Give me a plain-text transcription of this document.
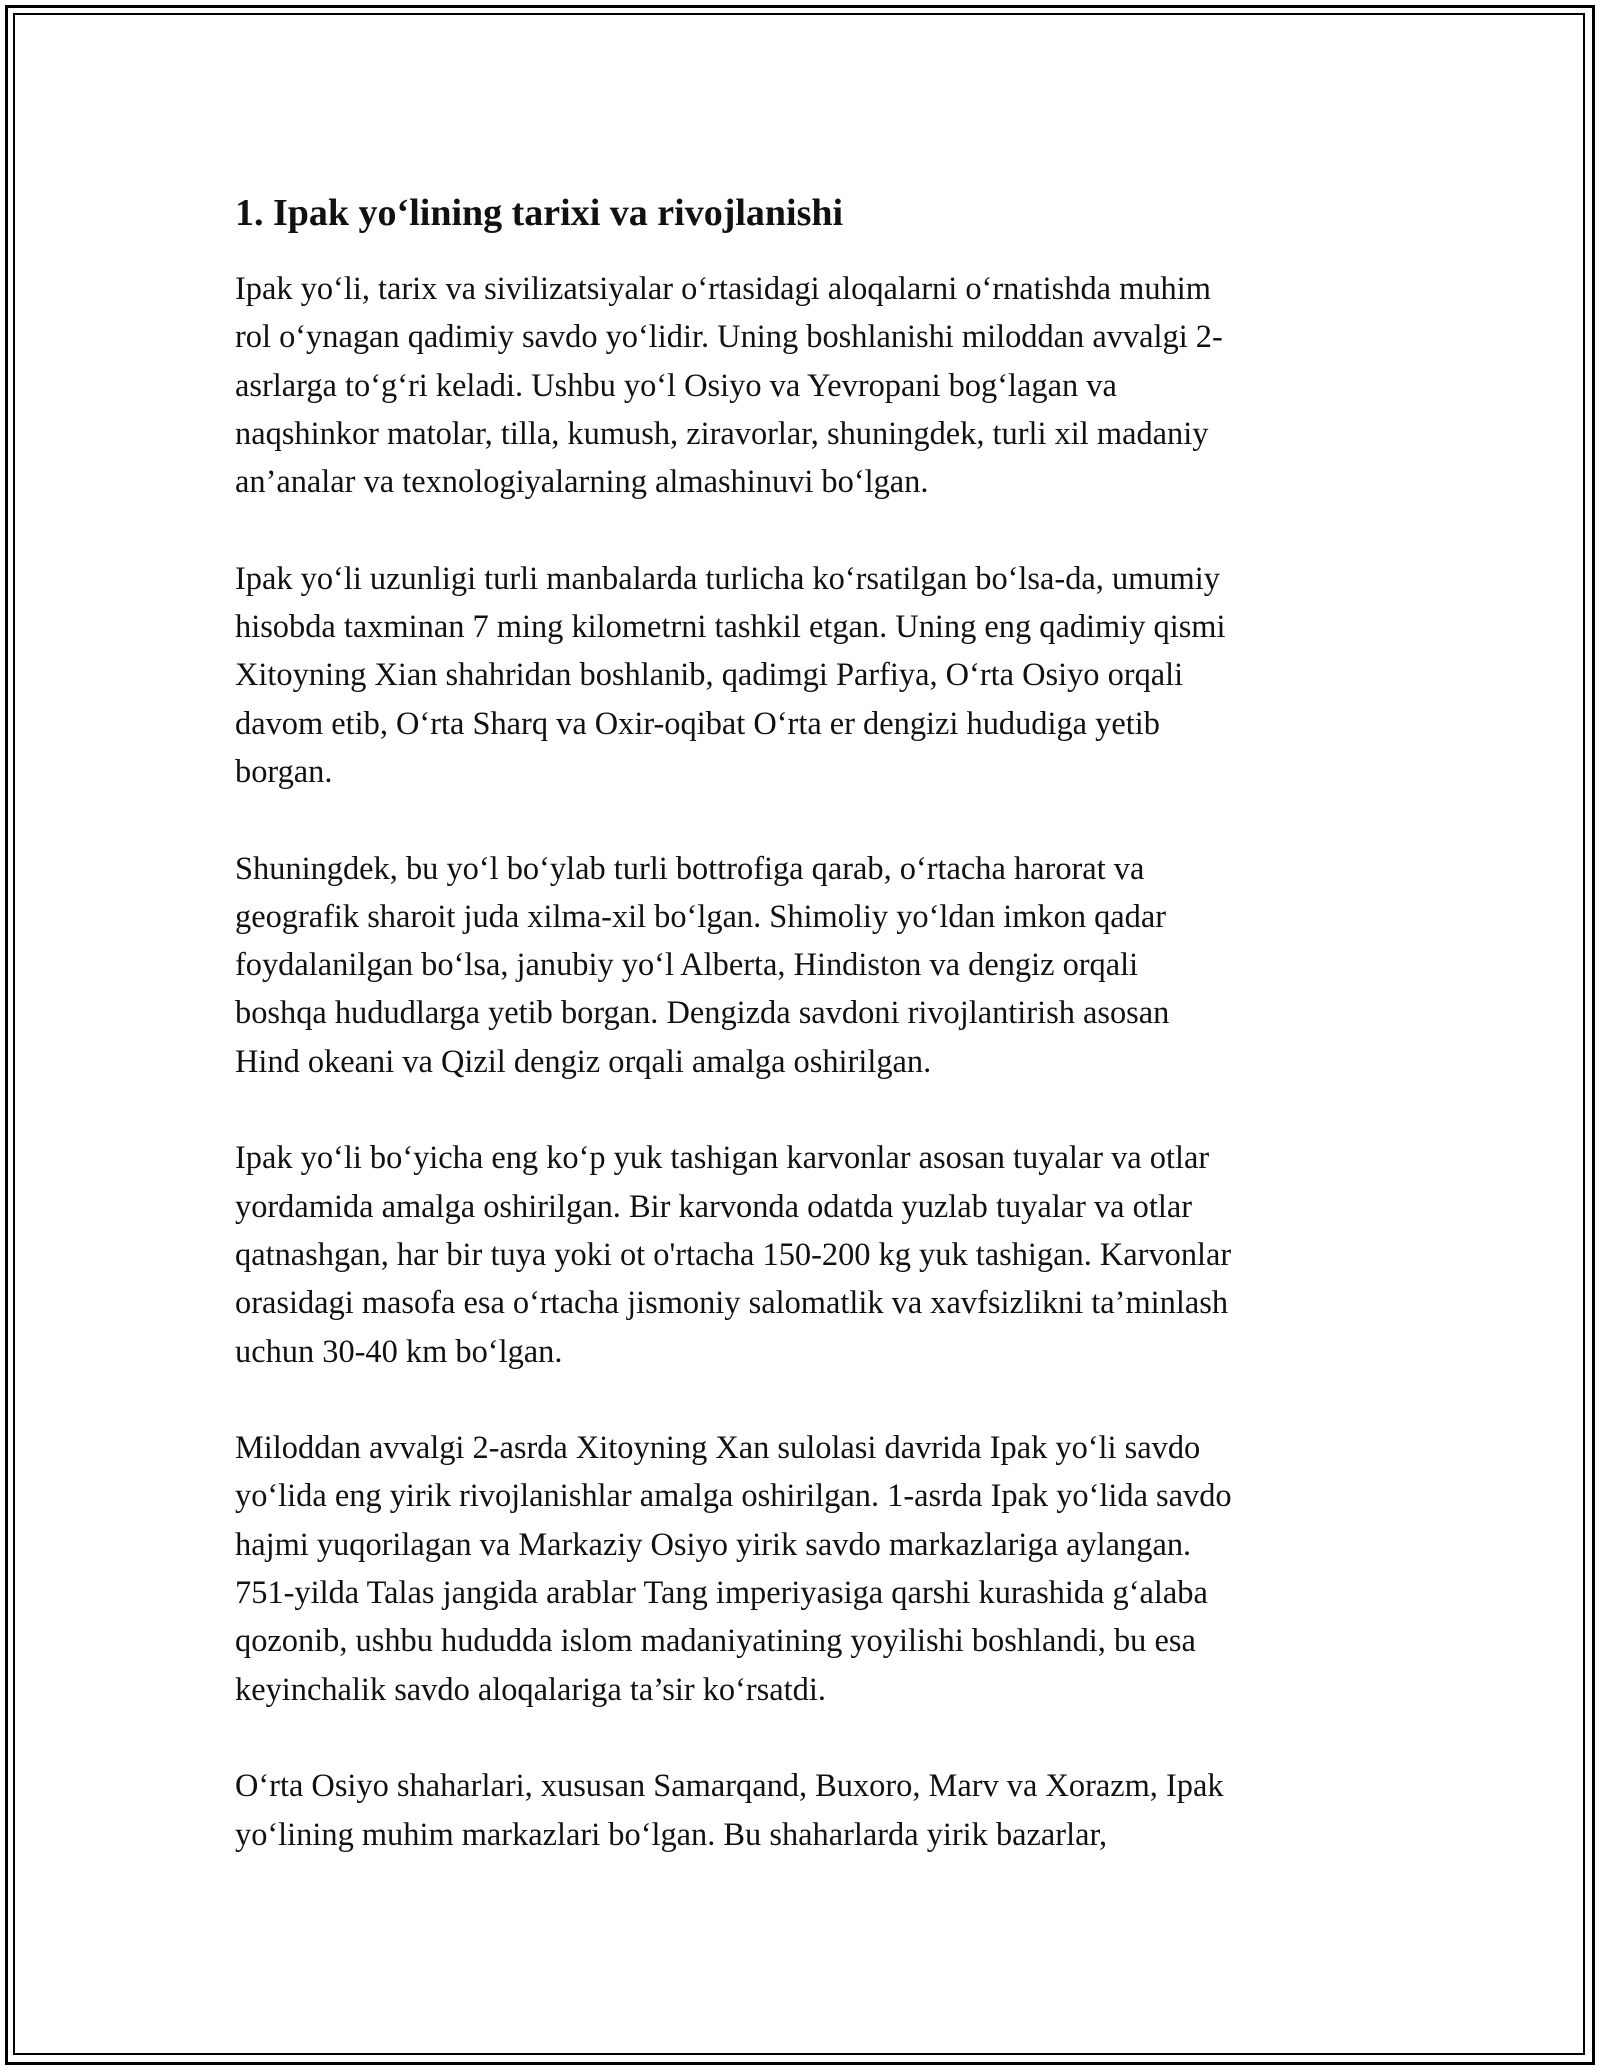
1. Ipak yo‘lining tarixi va rivojlanishi

Ipak yo‘li, tarix va sivilizatsiyalar o‘rtasidagi aloqalarni o‘rnatishda muhim
rol o‘ynagan qadimiy savdo yo‘lidir. Uning boshlanishi miloddan avvalgi 2-
asrlarga to‘g‘ri keladi. Ushbu yo‘l Osiyo va Yevropani bog‘lagan va
naqshinkor matolar, tilla, kumush, ziravorlar, shuningdek, turli xil madaniy
an’analar va texnologiyalarning almashinuvi bo‘lgan.

Ipak yo‘li uzunligi turli manbalarda turlicha ko‘rsatilgan bo‘lsa-da, umumiy
hisobda taxminan 7 ming kilometrni tashkil etgan. Uning eng qadimiy qismi
Xitoyning Xian shahridan boshlanib, qadimgi Parfiya, O‘rta Osiyo orqali
davom etib, O‘rta Sharq va Oxir-oqibat O‘rta er dengizi hududiga yetib
borgan.

Shuningdek, bu yo‘l bo‘ylab turli bottrofiga qarab, o‘rtacha harorat va
geografik sharoit juda xilma-xil bo‘lgan. Shimoliy yo‘ldan imkon qadar
foydalanilgan bo‘lsa, janubiy yo‘l Alberta, Hindiston va dengiz orqali
boshqa hududlarga yetib borgan. Dengizda savdoni rivojlantirish asosan
Hind okeani va Qizil dengiz orqali amalga oshirilgan.

Ipak yo‘li bo‘yicha eng ko‘p yuk tashigan karvonlar asosan tuyalar va otlar
yordamida amalga oshirilgan. Bir karvonda odatda yuzlab tuyalar va otlar
qatnashgan, har bir tuya yoki ot o'rtacha 150-200 kg yuk tashigan. Karvonlar
orasidagi masofa esa o‘rtacha jismoniy salomatlik va xavfsizlikni ta’minlash
uchun 30-40 km bo‘lgan.

Miloddan avvalgi 2-asrda Xitoyning Xan sulolasi davrida Ipak yo‘li savdo
yo‘lida eng yirik rivojlanishlar amalga oshirilgan. 1-asrda Ipak yo‘lida savdo
hajmi yuqorilagan va Markaziy Osiyo yirik savdo markazlariga aylangan.
751-yilda Talas jangida arablar Tang imperiyasiga qarshi kurashida g‘alaba
qozonib, ushbu hududda islom madaniyatining yoyilishi boshlandi, bu esa
keyinchalik savdo aloqalariga ta’sir ko‘rsatdi.

O‘rta Osiyo shaharlari, xususan Samarqand, Buxoro, Marv va Xorazm, Ipak
yo‘lining muhim markazlari bo‘lgan. Bu shaharlarda yirik bazarlar,
